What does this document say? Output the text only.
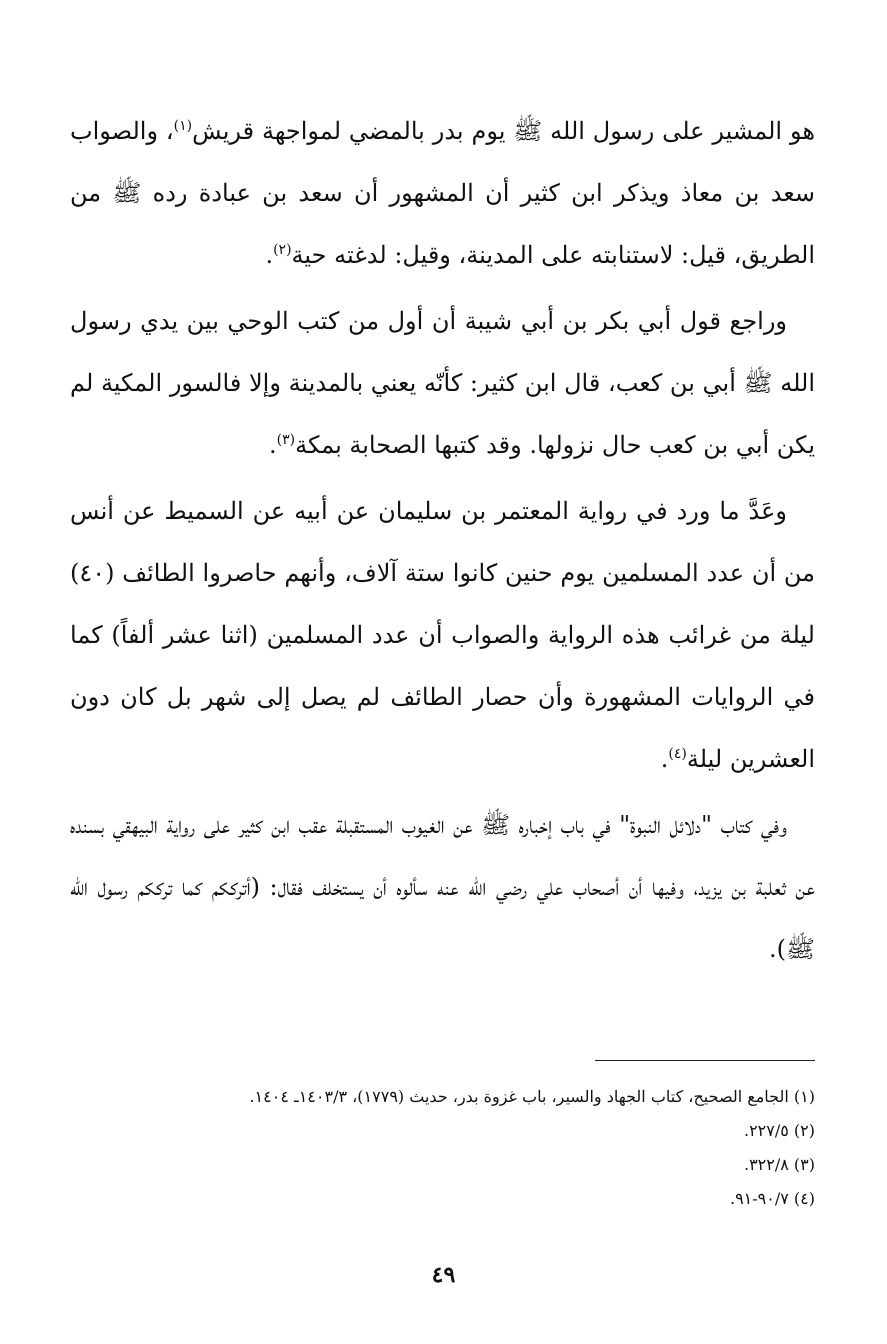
هو المشير على رسول الله ﷺ يوم بدر بالمضي لمواجهة قريش$^{(١)}$، والصواب سعد بن معاذ ويذكر ابن كثير أن المشهور أن سعد بن عبادة رده ﷺ من الطريق، قيل: لاستنابته على المدينة، وقيل: لدغته حية$^{(٢)}$.

وراجع قول أبي بكر بن أبي شيبة أن أول من كتب الوحي بين يدي رسول الله ﷺ أبي بن كعب، قال ابن كثير: كأنّه يعني بالمدينة وإلا فالسور المكية لم يكن أبي بن كعب حال نزولها. وقد كتبها الصحابة بمكة$^{(٣)}$.

وعَدَّ ما ورد في رواية المعتمر بن سليمان عن أبيه عن السميط عن أنس من أن عدد المسلمين يوم حنين كانوا ستة آلاف، وأنهم حاصروا الطائف (٤٠) ليلة من غرائب هذه الرواية والصواب أن عدد المسلمين (اثنا عشر ألفاً) كما في الروايات المشهورة وأن حصار الطائف لم يصل إلى شهر بل كان دون العشرين ليلة$^{(٤)}$.

وفي كتاب "دلائل النبوة" في باب إخباره ﷺ عن الغيوب المستقبلة عقب ابن كثير على رواية البيهقي بسنده عن ثعلبة بن يزيد، وفيها أن أصحاب علي رضي الله عنه سألوه أن يستخلف فقال: (أترككم كما ترككم رسول الله ﷺ).

(١) الجامع الصحيح، كتاب الجهاد والسير، باب غزوة بدر، حديث (١٧٧٩)، ١٤٠٣/٣ـ ١٤٠٤.

(٢) ٢٢٧/٥.

(٣) ٣٢٢/٨.

(٤) ٩٠/٧-٩١.

٤٩
